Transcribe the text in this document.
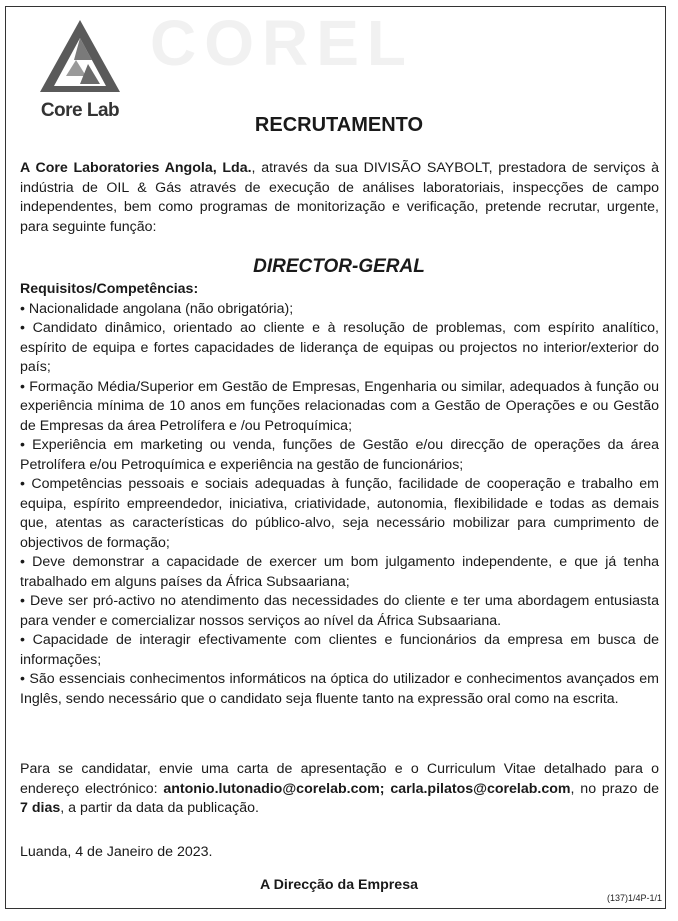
COREL
Core Lab
RECRUTAMENTO
A Core Laboratories Angola, Lda., através da sua DIVISÃO SAYBOLT, prestadora de serviços à indústria de OIL & Gás através de execução de análises laboratoriais, inspecções de campo independentes, bem como programas de monitorização e verificação, pretende recrutar, urgente, para seguinte função:
DIRECTOR-GERAL

Requisitos/Competências:

• Nacionalidade angolana (não obrigatória);

• Candidato dinâmico, orientado ao cliente e à resolução de problemas, com espírito analítico, espírito de equipa e fortes capacidades de liderança de equipas ou projectos no interior/exterior do país;

• Formação Média/Superior em Gestão de Empresas, Engenharia ou similar, adequados à função ou experiência mínima de 10 anos em funções relacionadas com a Gestão de Operações e ou Gestão de Empresas da área Petrolífera e /ou Petroquímica;

• Experiência em marketing ou venda, funções de Gestão e/ou direcção de operações da área Petrolífera e/ou Petroquímica e experiência na gestão de funcionários;

• Competências pessoais e sociais adequadas à função, facilidade de cooperação e trabalho em equipa, espírito empreendedor, iniciativa, criatividade, autonomia, flexibilidade e todas as demais que, atentas as características do público-alvo, seja necessário mobilizar para cumprimento de objectivos de formação;

• Deve demonstrar a capacidade de exercer um bom julgamento independente, e que já tenha trabalhado em alguns países da África Subsaariana;

• Deve ser pró-activo no atendimento das necessidades do cliente e ter uma abordagem entusiasta para vender e comercializar nossos serviços ao nível da África Subsaariana.

• Capacidade de interagir efectivamente com clientes e funcionários da empresa em busca de informações;

• São essenciais conhecimentos informáticos na óptica do utilizador e conhecimentos avançados em Inglês, sendo necessário que o candidato seja fluente tanto na expressão oral como na escrita.

Para se candidatar, envie uma carta de apresentação e o Curriculum Vitae detalhado para o endereço electrónico: antonio.lutonadio@corelab.com; carla.pilatos@corelab.com, no prazo de 7 dias, a partir da data da publicação.
Luanda, 4 de Janeiro de 2023.
A Direcção da Empresa
(137)1/4P-1/1
